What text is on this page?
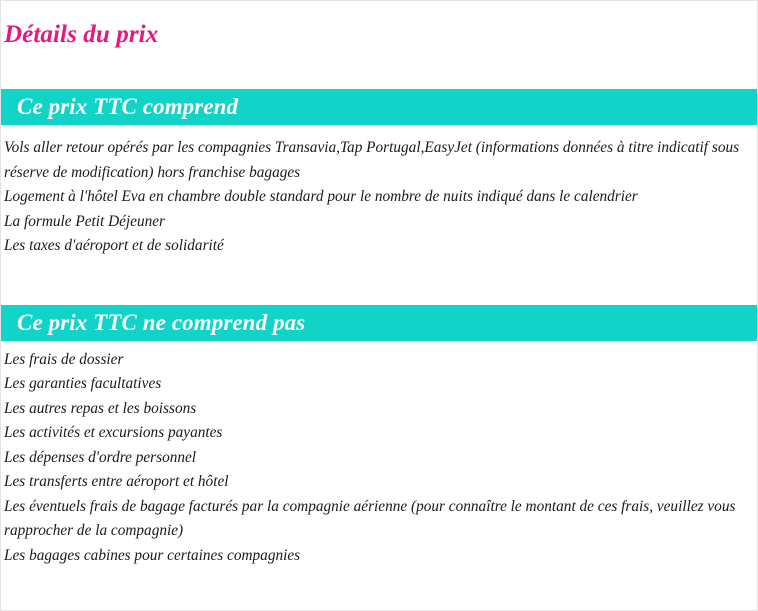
Détails du prix
Ce prix TTC comprend

Vols aller retour opérés par les compagnies Transavia,Tap Portugal,EasyJet (informations données à titre indicatif sous réserve de modification) hors franchise bagages

Logement à l'hôtel Eva en chambre double standard pour le nombre de nuits indiqué dans le calendrier

La formule Petit Déjeuner

Les taxes d'aéroport et de solidarité

Ce prix TTC ne comprend pas

Les frais de dossier

Les garanties facultatives

Les autres repas et les boissons

Les activités et excursions payantes

Les dépenses d'ordre personnel

Les transferts entre aéroport et hôtel

Les éventuels frais de bagage facturés par la compagnie aérienne (pour connaître le montant de ces frais, veuillez vous rapprocher de la compagnie)

Les bagages cabines pour certaines compagnies
